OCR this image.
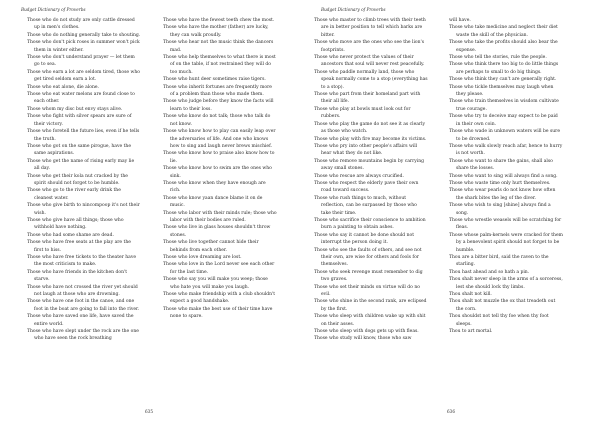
Budget Dictionary of Proverbs
Those who do not study are only cattle dressed up in men's clothes.
Those who do nothing generally take to shouting.
Those who don't pick roses in summer won't pick them in winter either.
Those who don't understand prayer — let them go to sea.
Those who earn a lot are seldom tired, those who get tired seldom earn a lot.
Those who eat alone, die alone.
Those who eat water melons are found close to each other.
Those whom my disc but envy stays alive.
Those who fight with silver spears are sure of their victory.
Those who foretell the future lies, even if he tells the truth.
Those who got on the same pirogue, have the same aspirations.
Those who get the name of rising early may lie all day.
Those who get their kola nut cracked by the spirit should not forget to be humble.
Those who go to the river early drink the cleanest water.
Those who give birth to nincompoop it's not their wish.
Those who give have all things; those who withhold have nothing.
Those who had some shame are dead.
Those who have free seats at the play are the first to hiss.
Those who have free tickets to the theater have the most criticism to make.
Those who have friends in the kitchen don't starve.
Those who have not crossed the river yet should not laugh at those who are drowning.
Those who have one foot in the canoe, and one foot in the boat are going to fall into the river.
Those who have saved one life, have saved the entire world.
Those who have slept under the rock are the one who have seen the rock breathing
Those who have the fewest teeth chew the most.
Those who have the mother (father) are lucky, they can walk proudly.
Those who hear not the music think the dancers mad.
Those who help themselves to what there is most of on the table, if not restrained they will do too much.
Those who hunt deer sometimes raise tigers.
Those who inherit fortunes are frequently more of a problem than those who made them.
Those who judge before they know the facts will learn to their loss.
Those who know do not talk; those who talk do not know.
Those who know how to play can easily leap over the adversaries of life. And one who knows how to sing and laugh never brews mischief.
Those who know how to praise also know how to lie.
Those who know how to swim are the ones who sink.
Those who know when they have enough are rich.
Those who know yaan dance blame it on de music.
Those who labor with their minds rule; those who labor with their bodies are ruled.
Those who live in glass houses shouldn't throw stones.
Those who live together cannot hide their behinds from each other.
Those who love dreaming are lost.
Those who love in the Lord never see each other for the last time.
Those who say you will make you weep; those who hate you will make you laugh.
Those who make friendship with a club shouldn't expect a good handshake.
Those who make the best use of their time have none to spare.
635
Budget Dictionary of Proverbs
Those who master to climb trees with their teeth are in better position to tell which barks are bitter.
Those who move are the ones who see the lion's footprints.
Those who never protect the values of their ancestors that soul will never rest peacefully.
Those who paddle normally land, those who speak normally come to a stop (everything has to a stop).
Those who part from their homeland part with their all life.
Those who play at bowls must look out for rubbers.
Those who play the game do not see it as clearly as those who watch.
Those who play with fire may become its victims.
Those who pry into other people's affairs will hear what they do not like.
Those who remove mountains begin by carrying away small stones.
Those who rescue are always crucified.
Those who respect the elderly pave their own road toward success.
Those who rush things to much, without reflection, can be surpassed by those who take their time.
Those who sacrifice their conscience to ambition burn a painting to obtain ashes.
Those who say it cannot be done should not interrupt the person doing it.
Those who see the faults of others, and see not their own, are wise for others and fools for themselves.
Those who seek revenge must remember to dig two graves.
Those who set their minds on virtue will do no evil.
Those who shine in the second rank, are eclipsed by the first.
Those who sleep with children wake up with shit on their asses.
Those who sleep with dogs gets up with fleas.
Those who study will know, those who saw
will have.
Those who take medicine and neglect their diet waste the skill of the physician.
Those who take the profits should also bear the expense.
Those who tell the stories, rule the people.
Those who think there too big to do little things are perhaps to small to do big things.
Those who think they can't are generally right.
Those who tickle themselves may laugh when they please.
Those who train themselves in wisdom cultivate true courage.
Those who try to deceive may expect to be paid in their own coin.
Those who wade in unknown waters will be sure to be drowned.
Those who walk slowly reach afar, hence to hurry is not worth.
Those who want to share the gains, shall also share the losses.
Those who want to sing will always find a song.
Those who waste time only hurt themselves.
Those who wear pearls do not know how often the shark bites the leg of the diver.
Those who wish to sing [shine] always find a song.
Those who wrestle weasels will be scratching for fleas.
Those whose palm-kernels were cracked for them by a benevolent spirit should not forget to be humble.
Thou are a bitter bird, said the raven to the starling.
Thou hast ahead and so hath a pin.
Thou shalt never sleep in the arms of a sorceress, lest she should lock thy limbs.
Thou shalt not kill.
Thou shalt not muzzle the ox that treadeth out the corn.
Thou shouldst not tell thy foe when thy foot sleeps.
Thou to art mortal.
636
